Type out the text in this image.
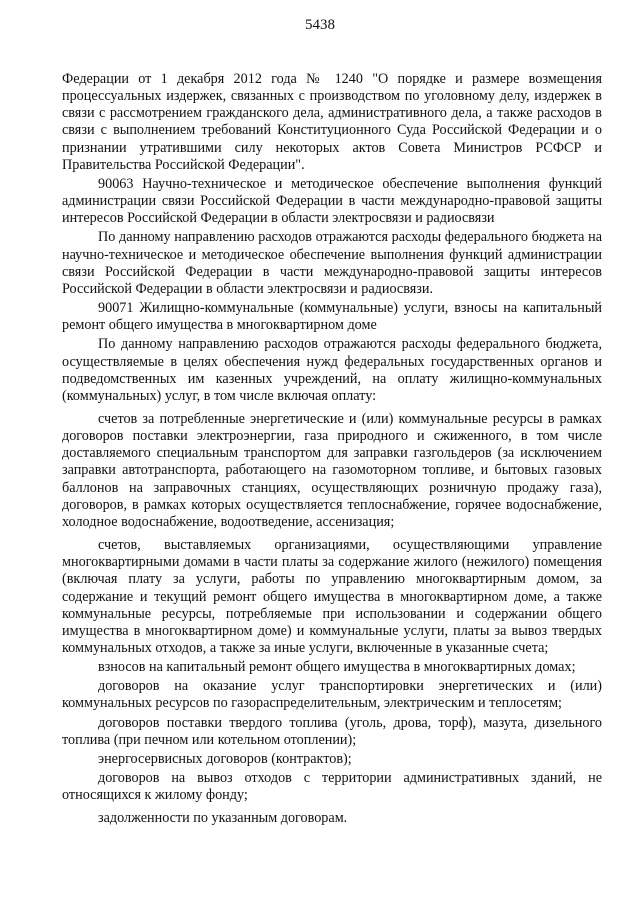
5438

Федерации от 1 декабря 2012 года № 1240 "О порядке и размере возмещения процессуальных издержек, связанных с производством по уголовному делу, издержек в связи с рассмотрением гражданского дела, административного дела, а также расходов в связи с выполнением требований Конституционного Суда Российской Федерации и о признании утратившими силу некоторых актов Совета Министров РСФСР и Правительства Российской Федерации".

90063 Научно-техническое и методическое обеспечение выполнения функций администрации связи Российской Федерации в части международно-правовой защиты интересов Российской Федерации в области электросвязи и радиосвязи

По данному направлению расходов отражаются расходы федерального бюджета на научно-техническое и методическое обеспечение выполнения функций администрации связи Российской Федерации в части международно-правовой защиты интересов Российской Федерации в области электросвязи и радиосвязи.

90071 Жилищно-коммунальные (коммунальные) услуги, взносы на капитальный ремонт общего имущества в многоквартирном доме

По данному направлению расходов отражаются расходы федерального бюджета, осуществляемые в целях обеспечения нужд федеральных государственных органов и подведомственных им казенных учреждений, на оплату жилищно-коммунальных (коммунальных) услуг, в том числе включая оплату:

счетов за потребленные энергетические и (или) коммунальные ресурсы в рамках договоров поставки электроэнергии, газа природного и сжиженного, в том числе доставляемого специальным транспортом для заправки газгольдеров (за исключением заправки автотранспорта, работающего на газомоторном топливе, и бытовых газовых баллонов на заправочных станциях, осуществляющих розничную продажу газа), договоров, в рамках которых осуществляется теплоснабжение, горячее водоснабжение, холодное водоснабжение, водоотведение, ассенизация;

счетов, выставляемых организациями, осуществляющими управление многоквартирными домами в части платы за содержание жилого (нежилого) помещения (включая плату за услуги, работы по управлению многоквартирным домом, за содержание и текущий ремонт общего имущества в многоквартирном доме, а также коммунальные ресурсы, потребляемые при использовании и содержании общего имущества в многоквартирном доме) и коммунальные услуги, платы за вывоз твердых коммунальных отходов, а также за иные услуги, включенные в указанные счета;

взносов на капитальный ремонт общего имущества в многоквартирных домах;

договоров на оказание услуг транспортировки энергетических и (или) коммунальных ресурсов по газораспределительным, электрическим и теплосетям;

договоров поставки твердого топлива (уголь, дрова, торф), мазута, дизельного топлива (при печном или котельном отоплении);

энергосервисных договоров (контрактов);

договоров на вывоз отходов с территории административных зданий, не относящихся к жилому фонду;

задолженности по указанным договорам.
